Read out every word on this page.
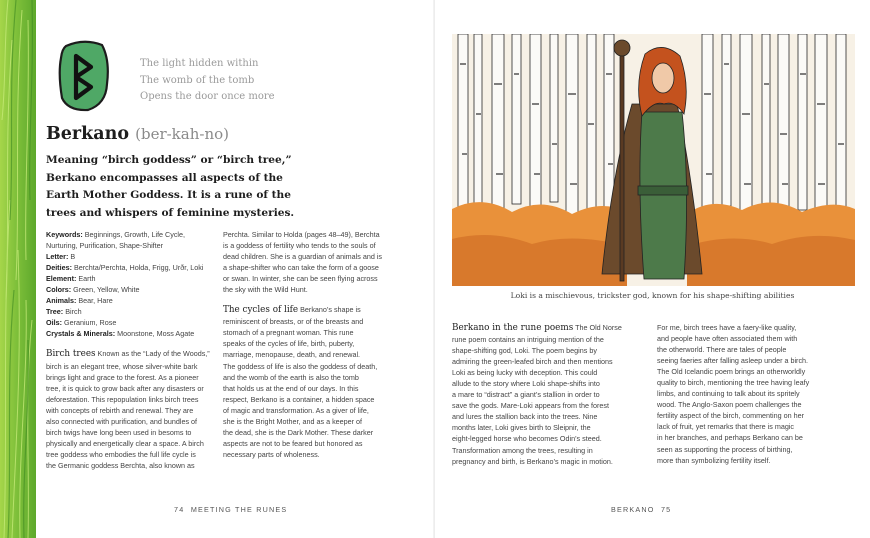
The light hidden within
The womb of the tomb
Opens the door once more
Berkano (ber-kah-no)
Meaning “birch goddess” or “birch tree,”
Berkano encompasses all aspects of the
Earth Mother Goddess. It is a rune of the
trees and whispers of feminine mysteries.
Keywords: Beginnings, Growth, Life Cycle,
Nurturing, Purification, Shape-Shifter
Letter: B
Deities: Berchta/Perchta, Holda, Frigg, Urðr, Loki
Element: Earth
Colors: Green, Yellow, White
Animals: Bear, Hare
Tree: Birch
Oils: Geranium, Rose
Crystals & Minerals: Moonstone, Moss Agate
Birch trees Known as the “Lady of the Woods,”
birch is an elegant tree, whose silver-white bark
brings light and grace to the forest. As a pioneer
tree, it is quick to grow back after any disasters or
deforestation. This repopulation links birch trees
with concepts of rebirth and renewal. They are
also connected with purification, and bundles of
birch twigs have long been used in besoms to
physically and energetically clear a space. A birch
tree goddess who embodies the full life cycle is
the Germanic goddess Berchta, also known as
Perchta. Similar to Holda (pages 48–49), Berchta
is a goddess of fertility who tends to the souls of
dead children. She is a guardian of animals and is
a shape-shifter who can take the form of a goose
or swan. In winter, she can be seen flying across
the sky with the Wild Hunt.
The cycles of life Berkano’s shape is
reminiscent of breasts, or of the breasts and
stomach of a pregnant woman. This rune
speaks of the cycles of life, birth, puberty,
marriage, menopause, death, and renewal.
The goddess of life is also the goddess of death,
and the womb of the earth is also the tomb
that holds us at the end of our days. In this
respect, Berkano is a container, a hidden space
of magic and transformation. As a giver of life,
she is the Bright Mother, and as a keeper of
the dead, she is the Dark Mother. These darker
aspects are not to be feared but honored as
necessary parts of wholeness.
74 MEETING THE RUNES
Loki is a mischievous, trickster god, known for his shape-shifting abilities
Berkano in the rune poems The Old Norse
rune poem contains an intriguing mention of the
shape-shifting god, Loki. The poem begins by
admiring the green-leafed birch and then mentions
Loki as being lucky with deception. This could
allude to the story where Loki shape-shifts into
a mare to “distract” a giant’s stallion in order to
save the gods. Mare-Loki appears from the forest
and lures the stallion back into the trees. Nine
months later, Loki gives birth to Sleipnir, the
eight-legged horse who becomes Odin’s steed.
Transformation among the trees, resulting in
pregnancy and birth, is Berkano’s magic in motion.
For me, birch trees have a faery-like quality,
and people have often associated them with
the otherworld. There are tales of people
seeing faeries after falling asleep under a birch.
The Old Icelandic poem brings an otherworldly
quality to birch, mentioning the tree having leafy
limbs, and continuing to talk about its spritely
wood. The Anglo-Saxon poem challenges the
fertility aspect of the birch, commenting on her
lack of fruit, yet remarks that there is magic
in her branches, and perhaps Berkano can be
seen as supporting the process of birthing,
more than symbolizing fertility itself.
BERKANO 75
